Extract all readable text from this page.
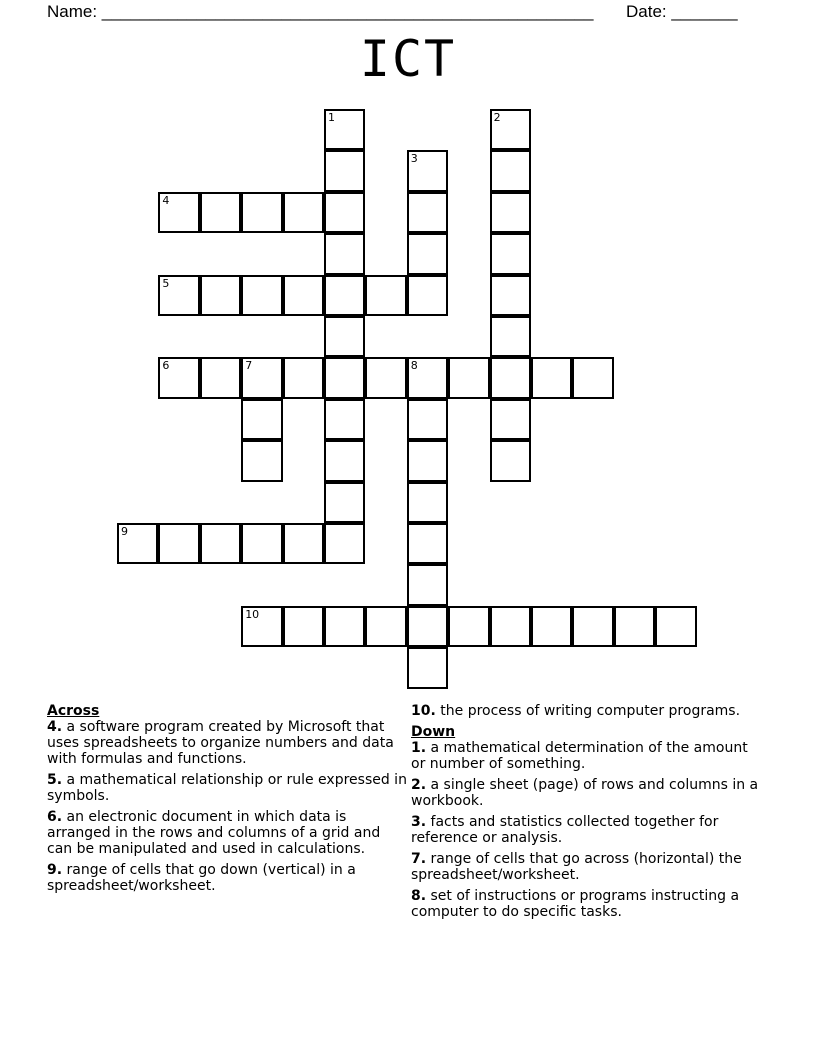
Name: ____________________________________________________ Date: _______
ICT
1	2
3
4
5
6	7	8
9
10
Across
4. a software program created by Microsoft that uses spreadsheets to organize numbers and data with formulas and functions.
5. a mathematical relationship or rule expressed in symbols.
6. an electronic document in which data is arranged in the rows and columns of a grid and can be manipulated and used in calculations.
9. range of cells that go down (vertical) in a spreadsheet/worksheet.
10. the process of writing computer programs.
Down
1. a mathematical determination of the amount or number of something.
2. a single sheet (page) of rows and columns in a workbook.
3. facts and statistics collected together for reference or analysis.
7. range of cells that go across (horizontal) the spreadsheet/worksheet.
8. set of instructions or programs instructing a computer to do specific tasks.
